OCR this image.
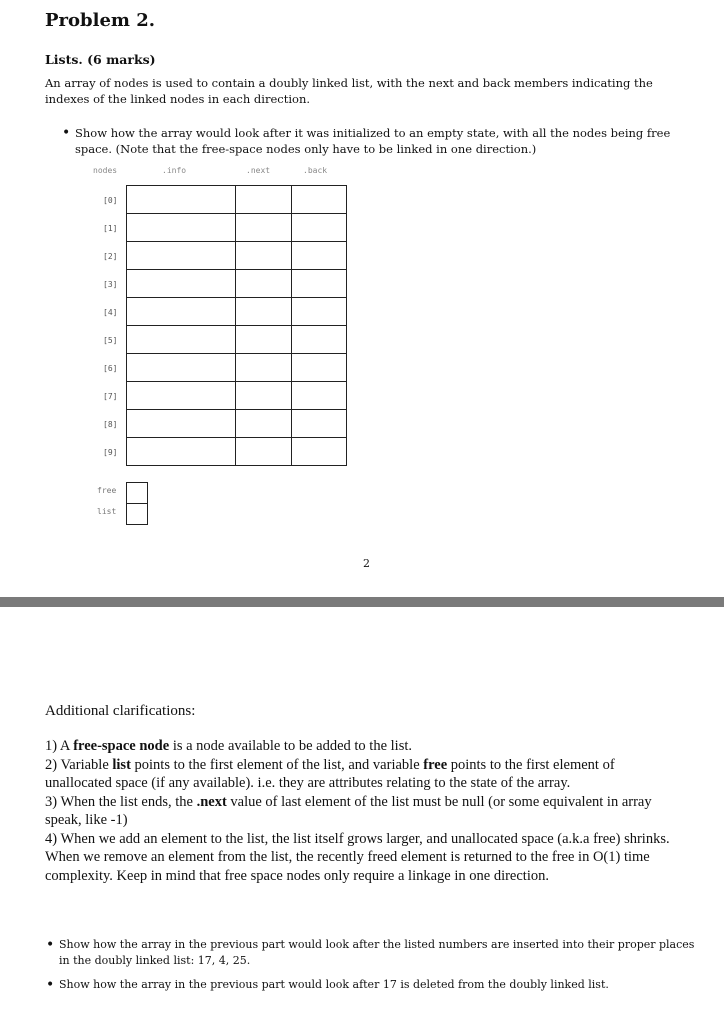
Problem 2.
Lists. (6 marks)
An array of nodes is used to contain a doubly linked list, with the next and back members indicating the indexes of the linked nodes in each direction.
• Show how the array would look after it was initialized to an empty state, with all the nodes being free space. (Note that the free-space nodes only have to be linked in one direction.)
nodes	.info	.next	.back
[0]
[1]
[2]
[3]
[4]
[5]
[6]
[7]
[8]
[9]
free
list
2
Additional clarifications:

1) A free-space node is a node available to be added to the list.

2) Variable list points to the first element of the list, and variable free points to the first element of unallocated space (if any available). i.e. they are attributes relating to the state of the array.

3) When the list ends, the .next value of last element of the list must be null (or some equivalent in array speak, like -1)

4) When we add an element to the list, the list itself grows larger, and unallocated space (a.k.a free) shrinks. When we remove an element from the list, the recently freed element is returned to the free in O(1) time complexity. Keep in mind that free space nodes only require a linkage in one direction.

• Show how the array in the previous part would look after the listed numbers are inserted into their proper places in the doubly linked list: 17, 4, 25.
• Show how the array in the previous part would look after 17 is deleted from the doubly linked list.
